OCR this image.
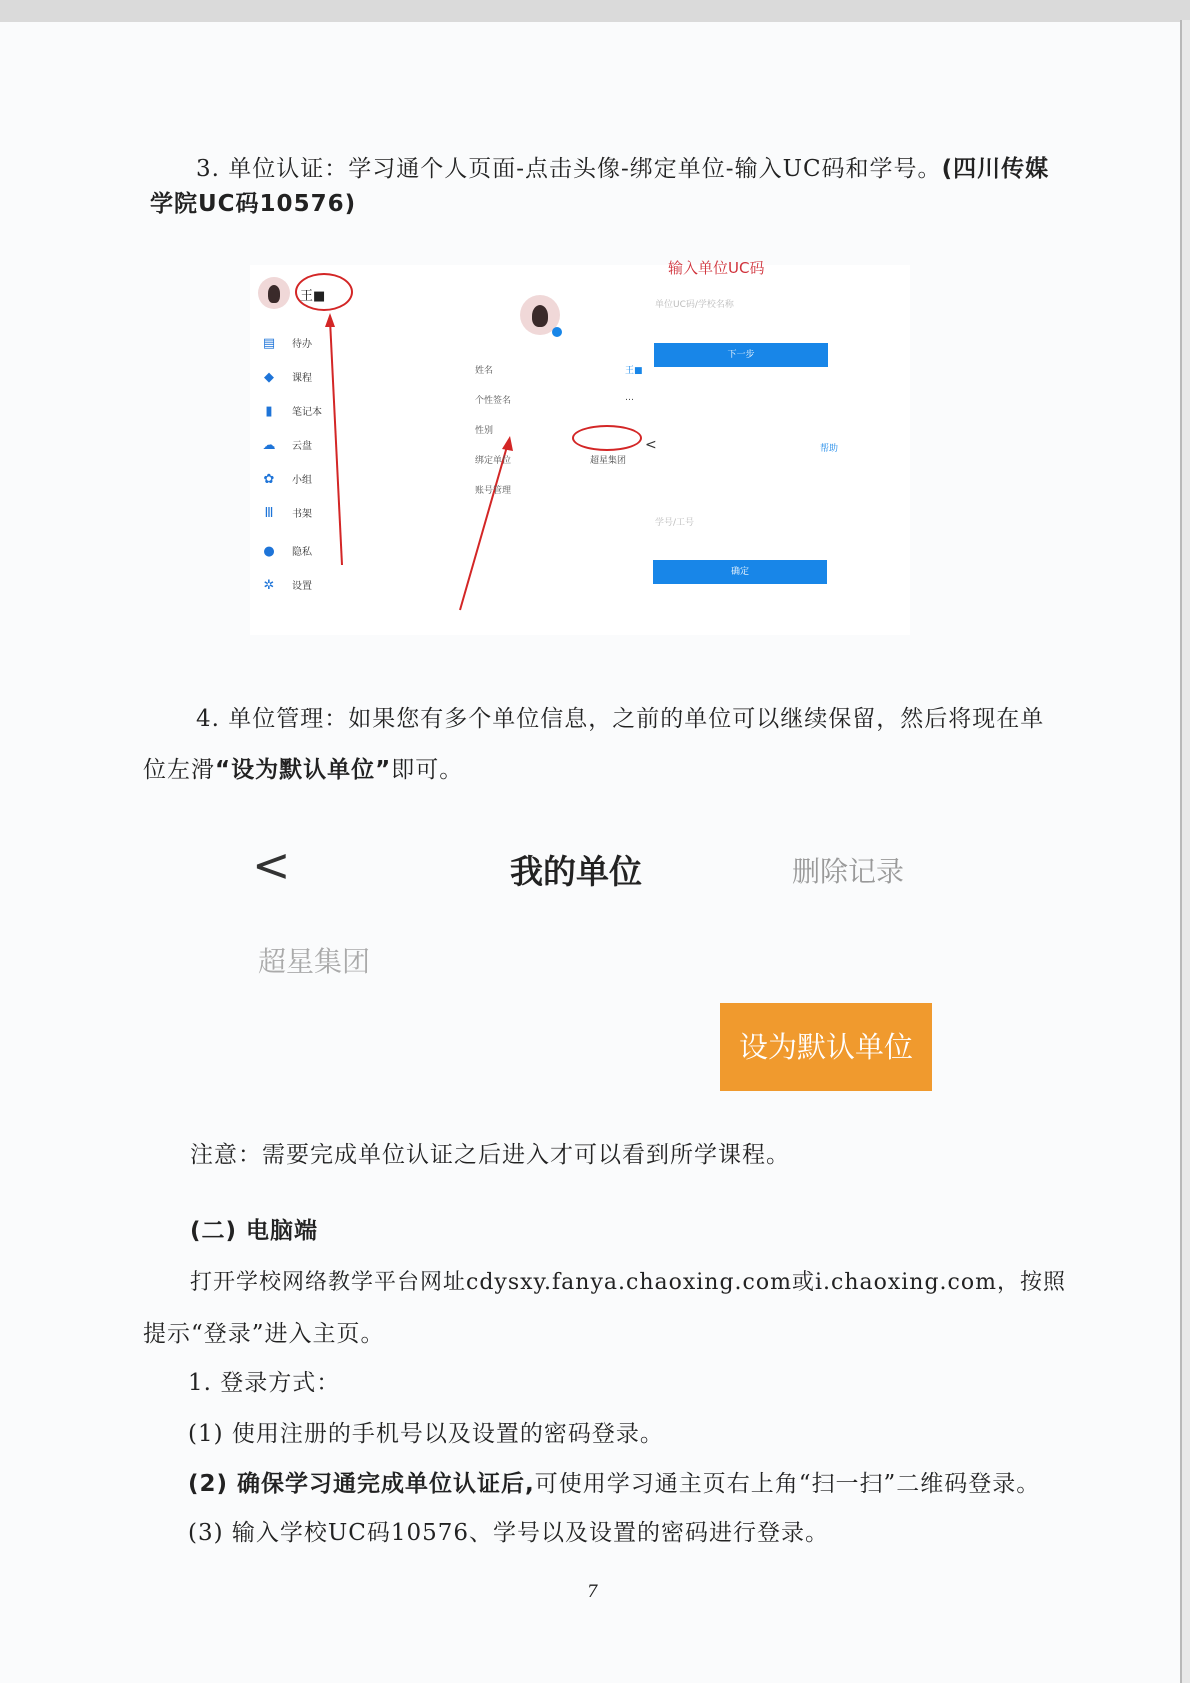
3. 单位认证：学习通个人页面-点击头像-绑定单位-输入UC码和学号。(四川传媒
学院UC码10576)
王■
▤ 待办
◆ 课程
▮ 笔记本
☁ 云盘
✿ 小组
Ⅲ 书架
● 隐私
✲ 设置
姓名	王■
个性签名	…
性别
绑定单位	超星集团
账号管理
输入单位UC码
单位UC码/学校名称
下一步
<	帮助
学号/工号
确定
4. 单位管理：如果您有多个单位信息，之前的单位可以继续保留，然后将现在单
位左滑“设为默认单位”即可。
<	我的单位	删除记录
超星集团
设为默认单位
注意：需要完成单位认证之后进入才可以看到所学课程。
(二) 电脑端
打开学校网络教学平台网址cdysxy.fanya.chaoxing.com或i.chaoxing.com，按照
提示“登录”进入主页。
1. 登录方式：
(1) 使用注册的手机号以及设置的密码登录。
(2) 确保学习通完成单位认证后,可使用学习通主页右上角“扫一扫”二维码登录。
(3) 输入学校UC码10576、学号以及设置的密码进行登录。
7
